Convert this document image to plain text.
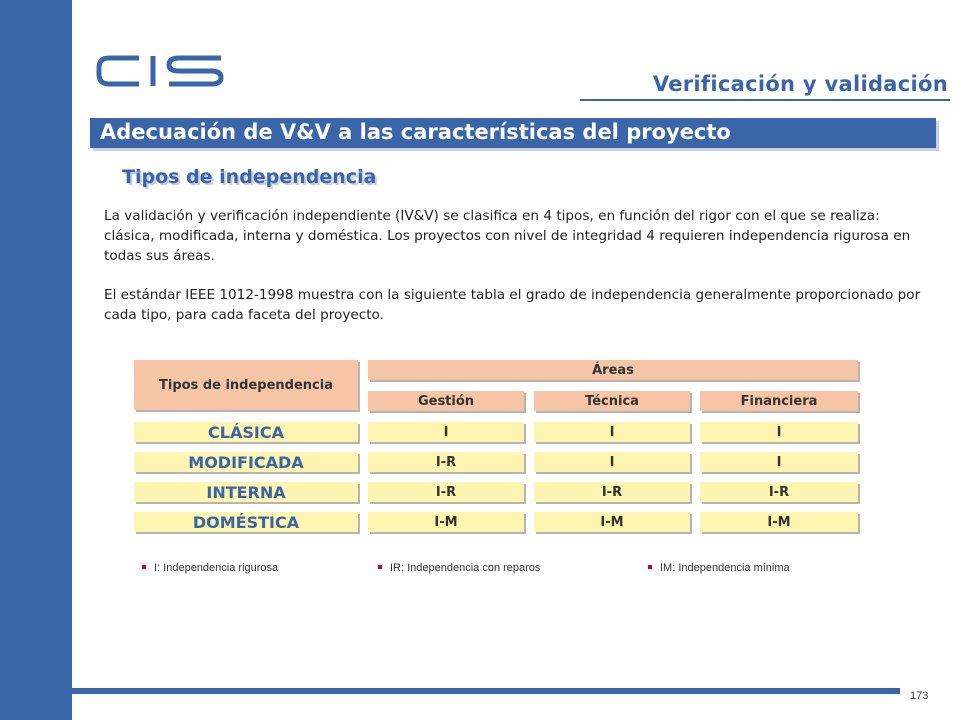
Verificación y validación
Adecuación de V&V a las características del proyecto
Tipos de independencia
La validación y verificación independiente (IV&V) se clasifica en 4 tipos, en función del rigor con el que se realiza: clásica, modificada, interna y doméstica. Los proyectos con nivel de integridad 4 requieren independencia rigurosa en todas sus áreas.
El estándar IEEE 1012-1998 muestra con la siguiente tabla el grado de independencia generalmente proporcionado por cada tipo, para cada faceta del proyecto.
Tipos de independencia
Áreas
Gestión	Técnica	Financiera
CLÁSICA	I	I	I
MODIFICADA	I-R	I	I
INTERNA	I-R	I-R	I-R
DOMÉSTICA	I-M	I-M	I-M
I: Independencia rigurosa	IR: Independencia con reparos	IM: Independencia mínima
173
